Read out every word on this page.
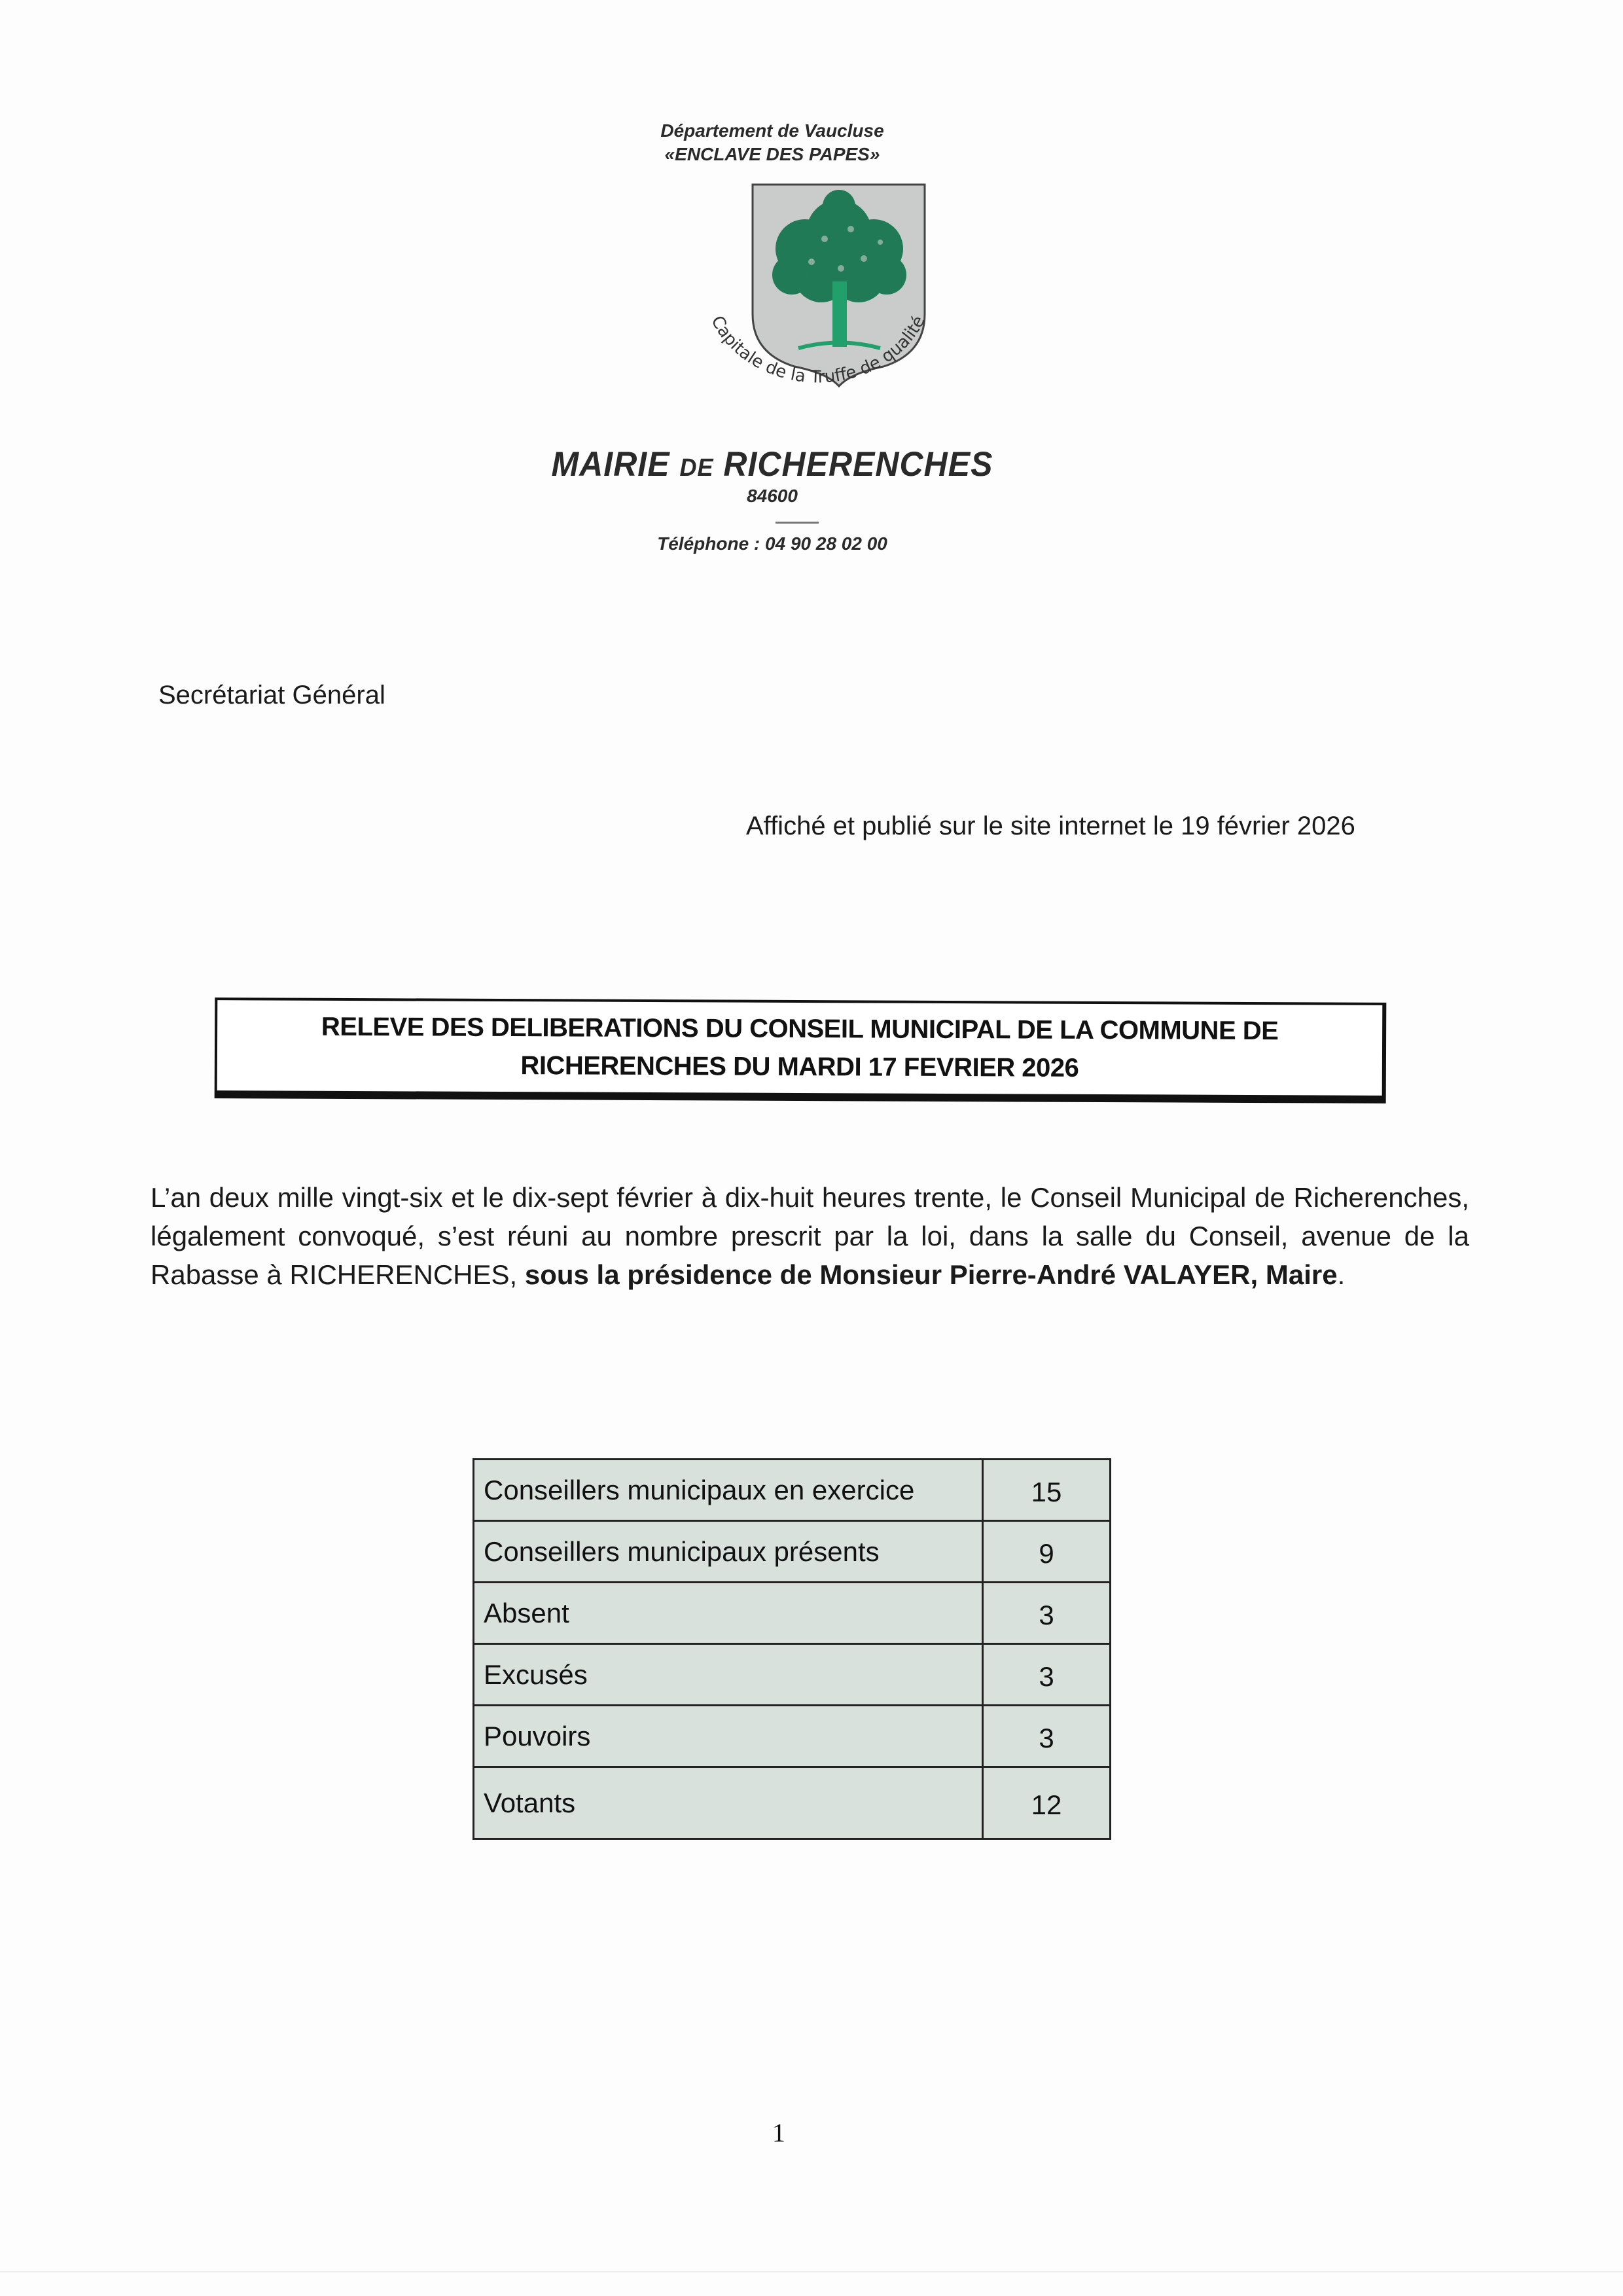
Département de Vaucluse
«ENCLAVE DES PAPES»
Capitale de la Truffe de qualité
MAIRIE DE RICHERENCHES
84600
Téléphone : 04 90 28 02 00
Secrétariat Général
Affiché et publié sur le site internet le 19 février 2026
RELEVE DES DELIBERATIONS DU CONSEIL MUNICIPAL DE LA COMMUNE DE
RICHERENCHES DU MARDI 17 FEVRIER 2026
L’an deux mille vingt-six et le dix-sept février à dix-huit heures trente, le Conseil Municipal de Richerenches, légalement convoqué, s’est réuni au nombre prescrit par la loi, dans la salle du Conseil, avenue de la Rabasse à RICHERENCHES, sous la présidence de Monsieur Pierre-André VALAYER, Maire.
Conseillers municipaux en exercice	15
Conseillers municipaux présents	9
Absent	3
Excusés	3
Pouvoirs	3
Votants	12
1
